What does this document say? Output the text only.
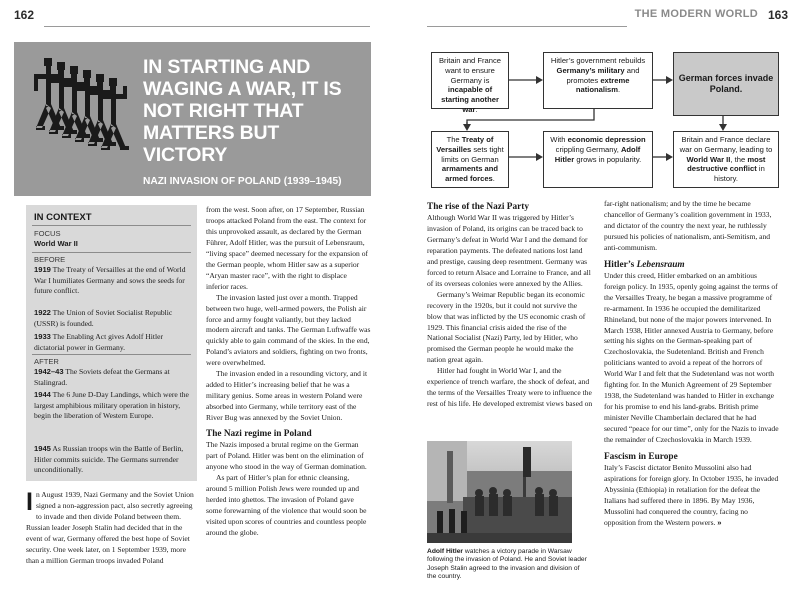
162	163
THE MODERN WORLD
IN STARTING AND WAGING A WAR, IT IS NOT RIGHT THAT MATTERS BUT VICTORY
NAZI INVASION OF POLAND (1939–1945)
IN CONTEXT
FOCUS
World War II
BEFORE
1919 The Treaty of Versailles at the end of World War I humiliates Germany and sows the seeds for future conflict.
1922 The Union of Soviet Socialist Republic (USSR) is founded.
1933 The Enabling Act gives Adolf Hitler dictatorial power in Germany.
AFTER
1942–43 The Soviets defeat the Germans at Stalingrad.
1944 The 6 June D-Day Landings, which were the largest amphibious military operation in history, begin the liberation of Western Europe.
1945 As Russian troops win the Battle of Berlin, Hitler commits suicide. The Germans surrender unconditionally.

In August 1939, Nazi Germany and the Soviet Union signed a non-aggression pact, also secretly agreeing to invade and then divide Poland between them. Russian leader Joseph Stalin had decided that in the event of war, Germany offered the best hope of Soviet security. One week later, on 1 September 1939, more than a million German troops invaded Poland

from the west. Soon after, on 17 September, Russian troops attacked Poland from the east. The context for this unprovoked assault, as declared by the German Führer, Adolf Hitler, was the pursuit of Lebensraum, “living space” deemed necessary for the expansion of the German people, whom Hitler saw as a superior “Aryan master race”, with the right to displace inferior races.

The invasion lasted just over a month. Trapped between two huge, well-armed powers, the Polish air force and army fought valiantly, but they lacked modern aircraft and tanks. The German Luftwaffe was quickly able to gain command of the skies. In the end, Poland’s aviators and soldiers, fighting on two fronts, were overwhelmed.

The invasion ended in a resounding victory, and it added to Hitler’s increasing belief that he was a military genius. Some areas in western Poland were absorbed into Germany, while territory east of the River Bug was annexed by the Soviet Union.

The Nazi regime in Poland

The Nazis imposed a brutal regime on the German part of Poland. Hitler was bent on the elimination of anyone who stood in the way of German domination.

As part of Hitler’s plan for ethnic cleansing, around 5 million Polish Jews were rounded up and herded into ghettos. The invasion of Poland gave some forewarning of the violence that would soon be visited upon scores of countries and countless people around the globe.

Britain and France want to ensure Germany is incapable of starting another war.
Hitler’s government rebuilds Germany’s military and promotes extreme nationalism.
German forces invade Poland.
The Treaty of Versailles sets tight limits on German armaments and armed forces.
With economic depression crippling Germany, Adolf Hitler grows in popularity.
Britain and France declare war on Germany, leading to World War II, the most destructive conflict in history.
The rise of the Nazi Party

Although World War II was triggered by Hitler’s invasion of Poland, its origins can be traced back to Germany’s defeat in World War I and the demand for reparation payments. The defeated nations lost land and prestige, causing deep resentment. Germany was forced to return Alsace and Lorraine to France, and all of its overseas colonies were annexed by the Allies.

Germany’s Weimar Republic began its economic recovery in the 1920s, but it could not survive the blow that was inflicted by the US economic crash of 1929. This financial crisis aided the rise of the National Socialist (Nazi) Party, led by Hitler, who promised the German people he would make the nation great again.

Hitler had fought in World War I, and the experience of trench warfare, the shock of defeat, and the terms of the Versailles Treaty were to influence the rest of his life. He developed extremist views based on

Adolf Hitler watches a victory parade in Warsaw following the invasion of Poland. He and Soviet leader Joseph Stalin agreed to the invasion and division of the country.

far-right nationalism; and by the time he became chancellor of Germany’s coalition government in 1933, and dictator of the country the next year, he ruthlessly pursued his policies of nationalism, anti-Semitism, and anti-communism.

Hitler’s Lebensraum

Under this creed, Hitler embarked on an ambitious foreign policy. In 1935, openly going against the terms of the Versailles Treaty, he began a massive programme of re-armament. In 1936 he occupied the demilitarized Rhineland, but none of the major powers intervened. In March 1938, Hitler annexed Austria to Germany, before setting his sights on the German-speaking part of Czechoslovakia, the Sudetenland. British and French politicians wanted to avoid a repeat of the horrors of World War I and felt that the Sudetenland was not worth fighting for. In the Munich Agreement of 29 September 1938, the Sudetenland was handed to Hitler in exchange for his promise to end his land-grabs. British prime minister Neville Chamberlain declared that he had secured “peace for our time”, only for the Nazis to invade the remainder of Czechoslovakia in March 1939.

Fascism in Europe

Italy’s Fascist dictator Benito Mussolini also had aspirations for foreign glory. In October 1935, he invaded Abyssinia (Ethiopia) in retaliation for the defeat the Italians had suffered there in 1896. By May 1936, Mussolini had conquered the country, facing no opposition from the Western powers. »
